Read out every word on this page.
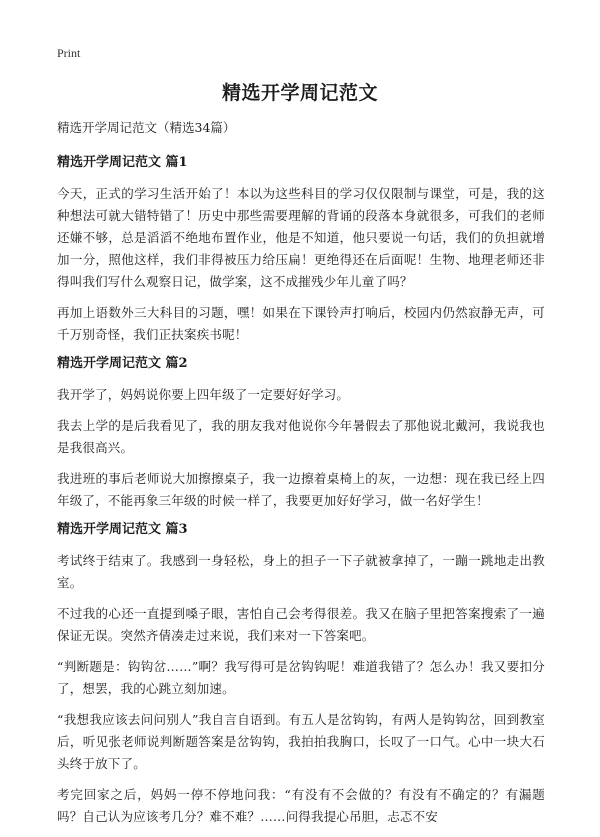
Print

精选开学周记范文

精选开学周记范文（精选34篇）

精选开学周记范文 篇1

今天，正式的学习生活开始了！本以为这些科目的学习仅仅限制与课堂，可是，我的这种想法可就大错特错了！历史中那些需要理解的背诵的段落本身就很多，可我们的老师还嫌不够，总是滔滔不绝地布置作业，他是不知道，他只要说一句话，我们的负担就增加一分，照他这样，我们非得被压力给压扁！更绝得还在后面呢！生物、地理老师还非得叫我们写什么观察日记，做学案，这不成摧残少年儿童了吗？

再加上语数外三大科目的习题，嘿！如果在下课铃声打响后，校园内仍然寂静无声，可千万别奇怪，我们正扶案疾书呢！

精选开学周记范文 篇2

我开学了，妈妈说你要上四年级了一定要好好学习。

我去上学的是后我看见了，我的朋友我对他说你今年暑假去了那他说北戴河，我说我也是我很高兴。

我进班的事后老师说大加擦擦桌子，我一边擦着桌椅上的灰，一边想：现在我已经上四年级了，不能再象三年级的时候一样了，我要更加好好学习，做一名好学生！

精选开学周记范文 篇3

考试终于结束了。我感到一身轻松，身上的担子一下子就被拿掉了，一蹦一跳地走出教室。

不过我的心还一直提到嗓子眼，害怕自己会考得很差。我又在脑子里把答案搜索了一遍保证无误。突然齐倩凑走过来说，我们来对一下答案吧。

“判断题是：钩钩岔……”啊？我写得可是岔钩钩呢！难道我错了？怎么办！我又要扣分了，想罢，我的心跳立刻加速。

“我想我应该去问问别人”我自言自语到。有五人是岔钩钩，有两人是钩钩岔，回到教室后，听见张老师说判断题答案是岔钩钩，我拍拍我胸口，长叹了一口气。心中一块大石头终于放下了。

考完回家之后，妈妈一停不停地问我：“有没有不会做的？有没有不确定的？有漏题吗？自己认为应该考几分？难不难？……问得我提心吊胆，忐忑不安
